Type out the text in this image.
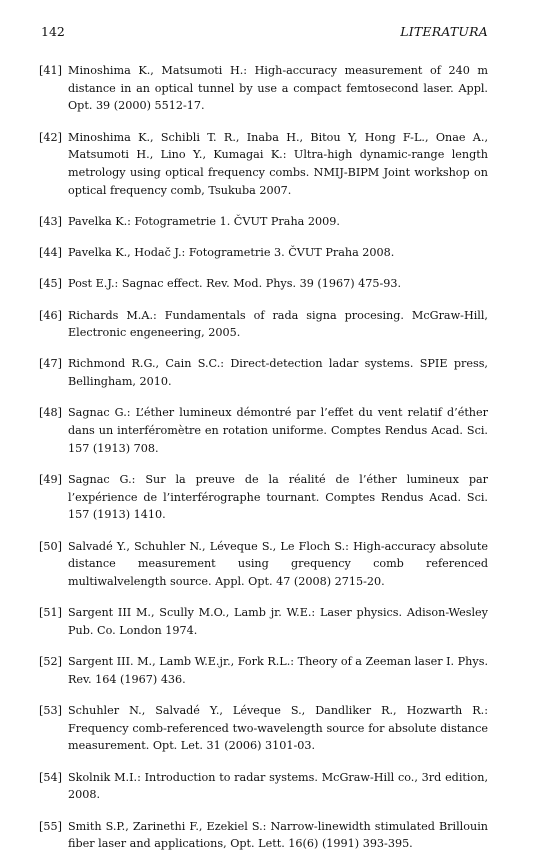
142	LITERATURA
[41] Minoshima K., Matsumoti H.: High-accuracy measurement of 240 m distance in an optical tunnel by use a compact femtosecond laser. Appl. Opt. 39 (2000) 5512-17.
[42] Minoshima K., Schibli T. R., Inaba H., Bitou Y, Hong F-L., Onae A., Matsumoti H., Lino Y., Kumagai K.: Ultra-high dynamic-range length metrology using optical frequency combs. NMIJ-BIPM Joint workshop on optical frequency comb, Tsukuba 2007.
[43] Pavelka K.: Fotogrametrie 1. ČVUT Praha 2009.
[44] Pavelka K., Hodač J.: Fotogrametrie 3. ČVUT Praha 2008.
[45] Post E.J.: Sagnac effect. Rev. Mod. Phys. 39 (1967) 475-93.
[46] Richards M.A.: Fundamentals of rada signa procesing. McGraw-Hill, Electronic engeneering, 2005.
[47] Richmond R.G., Cain S.C.: Direct-detection ladar systems. SPIE press, Bellingham, 2010.
[48] Sagnac G.: L’éther lumineux démontré par l’effet du vent relatif d’éther dans un interféromètre en rotation uniforme. Comptes Rendus Acad. Sci. 157 (1913) 708.
[49] Sagnac G.: Sur la preuve de la réalité de l’éther lumineux par l’expérience de l’interférographe tournant. Comptes Rendus Acad. Sci. 157 (1913) 1410.
[50] Salvadé Y., Schuhler N., Léveque S., Le Floch S.: High-accuracy absolute distance measurement using grequency comb referenced multiwalvelength source. Appl. Opt. 47 (2008) 2715-20.
[51] Sargent III M., Scully M.O., Lamb jr. W.E.: Laser physics. Adison-Wesley Pub. Co. London 1974.
[52] Sargent III. M., Lamb W.E.jr., Fork R.L.: Theory of a Zeeman laser I. Phys. Rev. 164 (1967) 436.
[53] Schuhler N., Salvadé Y., Léveque S., Dandliker R., Hozwarth R.: Frequency comb-referenced two-wavelength source for absolute distance measurement. Opt. Let. 31 (2006) 3101-03.
[54] Skolnik M.I.: Introduction to radar systems. McGraw-Hill co., 3rd edition, 2008.
[55] Smith S.P., Zarinethi F., Ezekiel S.: Narrow-linewidth stimulated Brillouin fiber laser and applications, Opt. Lett. 16(6) (1991) 393-395.
